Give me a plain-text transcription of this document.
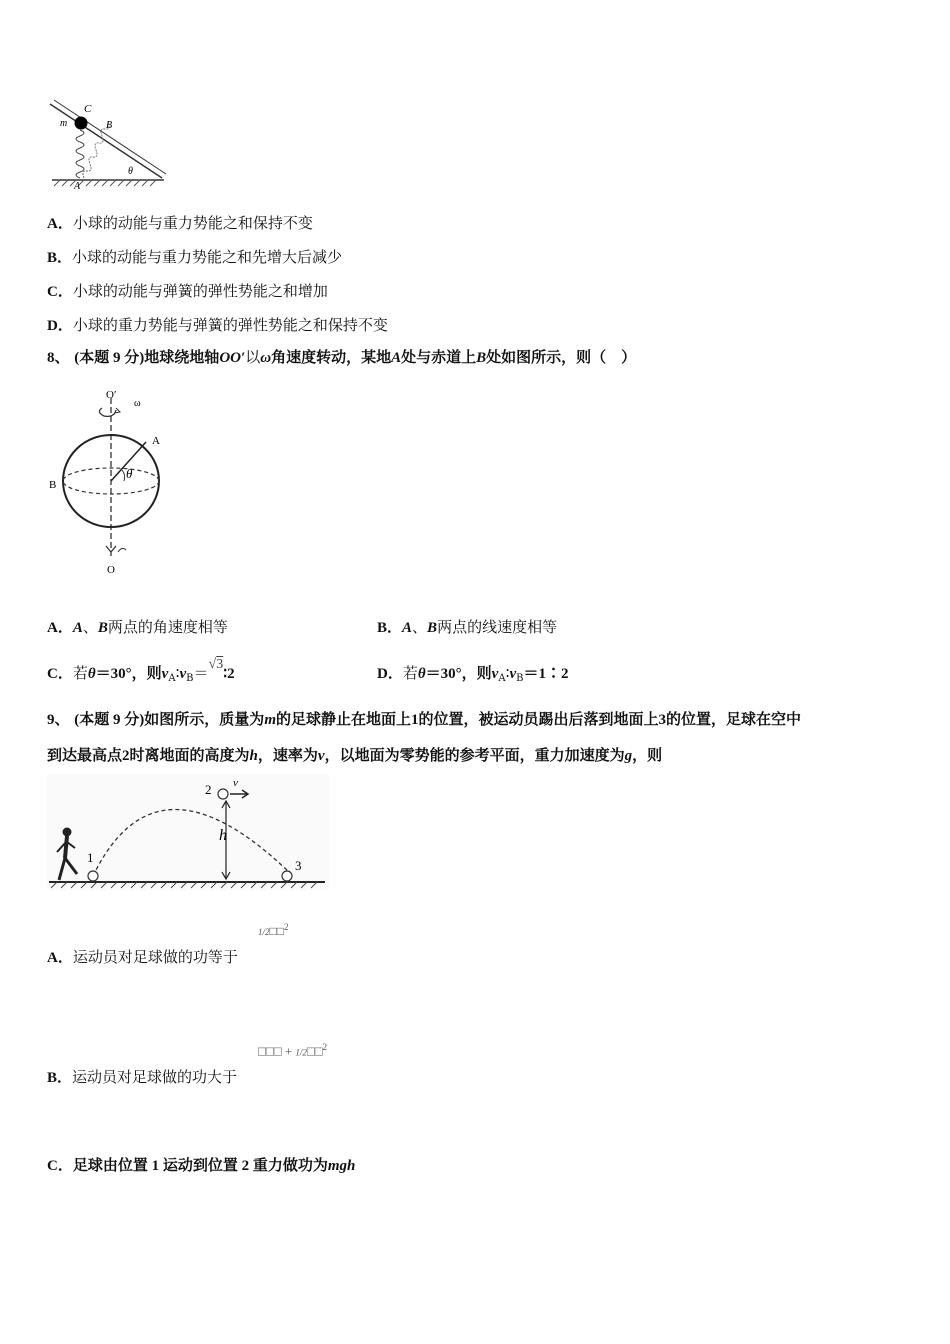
C
m	B
A
θ
A．小球的动能与重力势能之和保持不变
B．小球的动能与重力势能之和先增大后减少
C．小球的动能与弹簧的弹性势能之和增加
D．小球的重力势能与弹簧的弹性势能之和保持不变
8、 (本题 9 分)地球绕地轴OO′以ω角速度转动，某地A处与赤道上B处如图所示，则（　）
O′
ω
θ
A
B
O
A．A、B两点的角速度相等	B．A、B两点的线速度相等
C．若θ＝30°，则$v_A∶v_B=√3∶2$	D．若θ＝30°，则$v_A∶v_B=1∶2$
9、 (本题 9 分)如图所示，质量为m的足球静止在地面上1的位置，被运动员踢出后落到地面上3的位置，足球在空中
到达最高点2时离地面的高度为h，速率为v，以地面为零势能的参考平面，重力加速度为g，则
1
2
3
v
h
A．运动员对足球做的功等于
1/2□□$^2$
B．运动员对足球做的功大于
□□□ + 1/2□□$^2$
C．足球由位置 1 运动到位置 2 重力做功为mgh
